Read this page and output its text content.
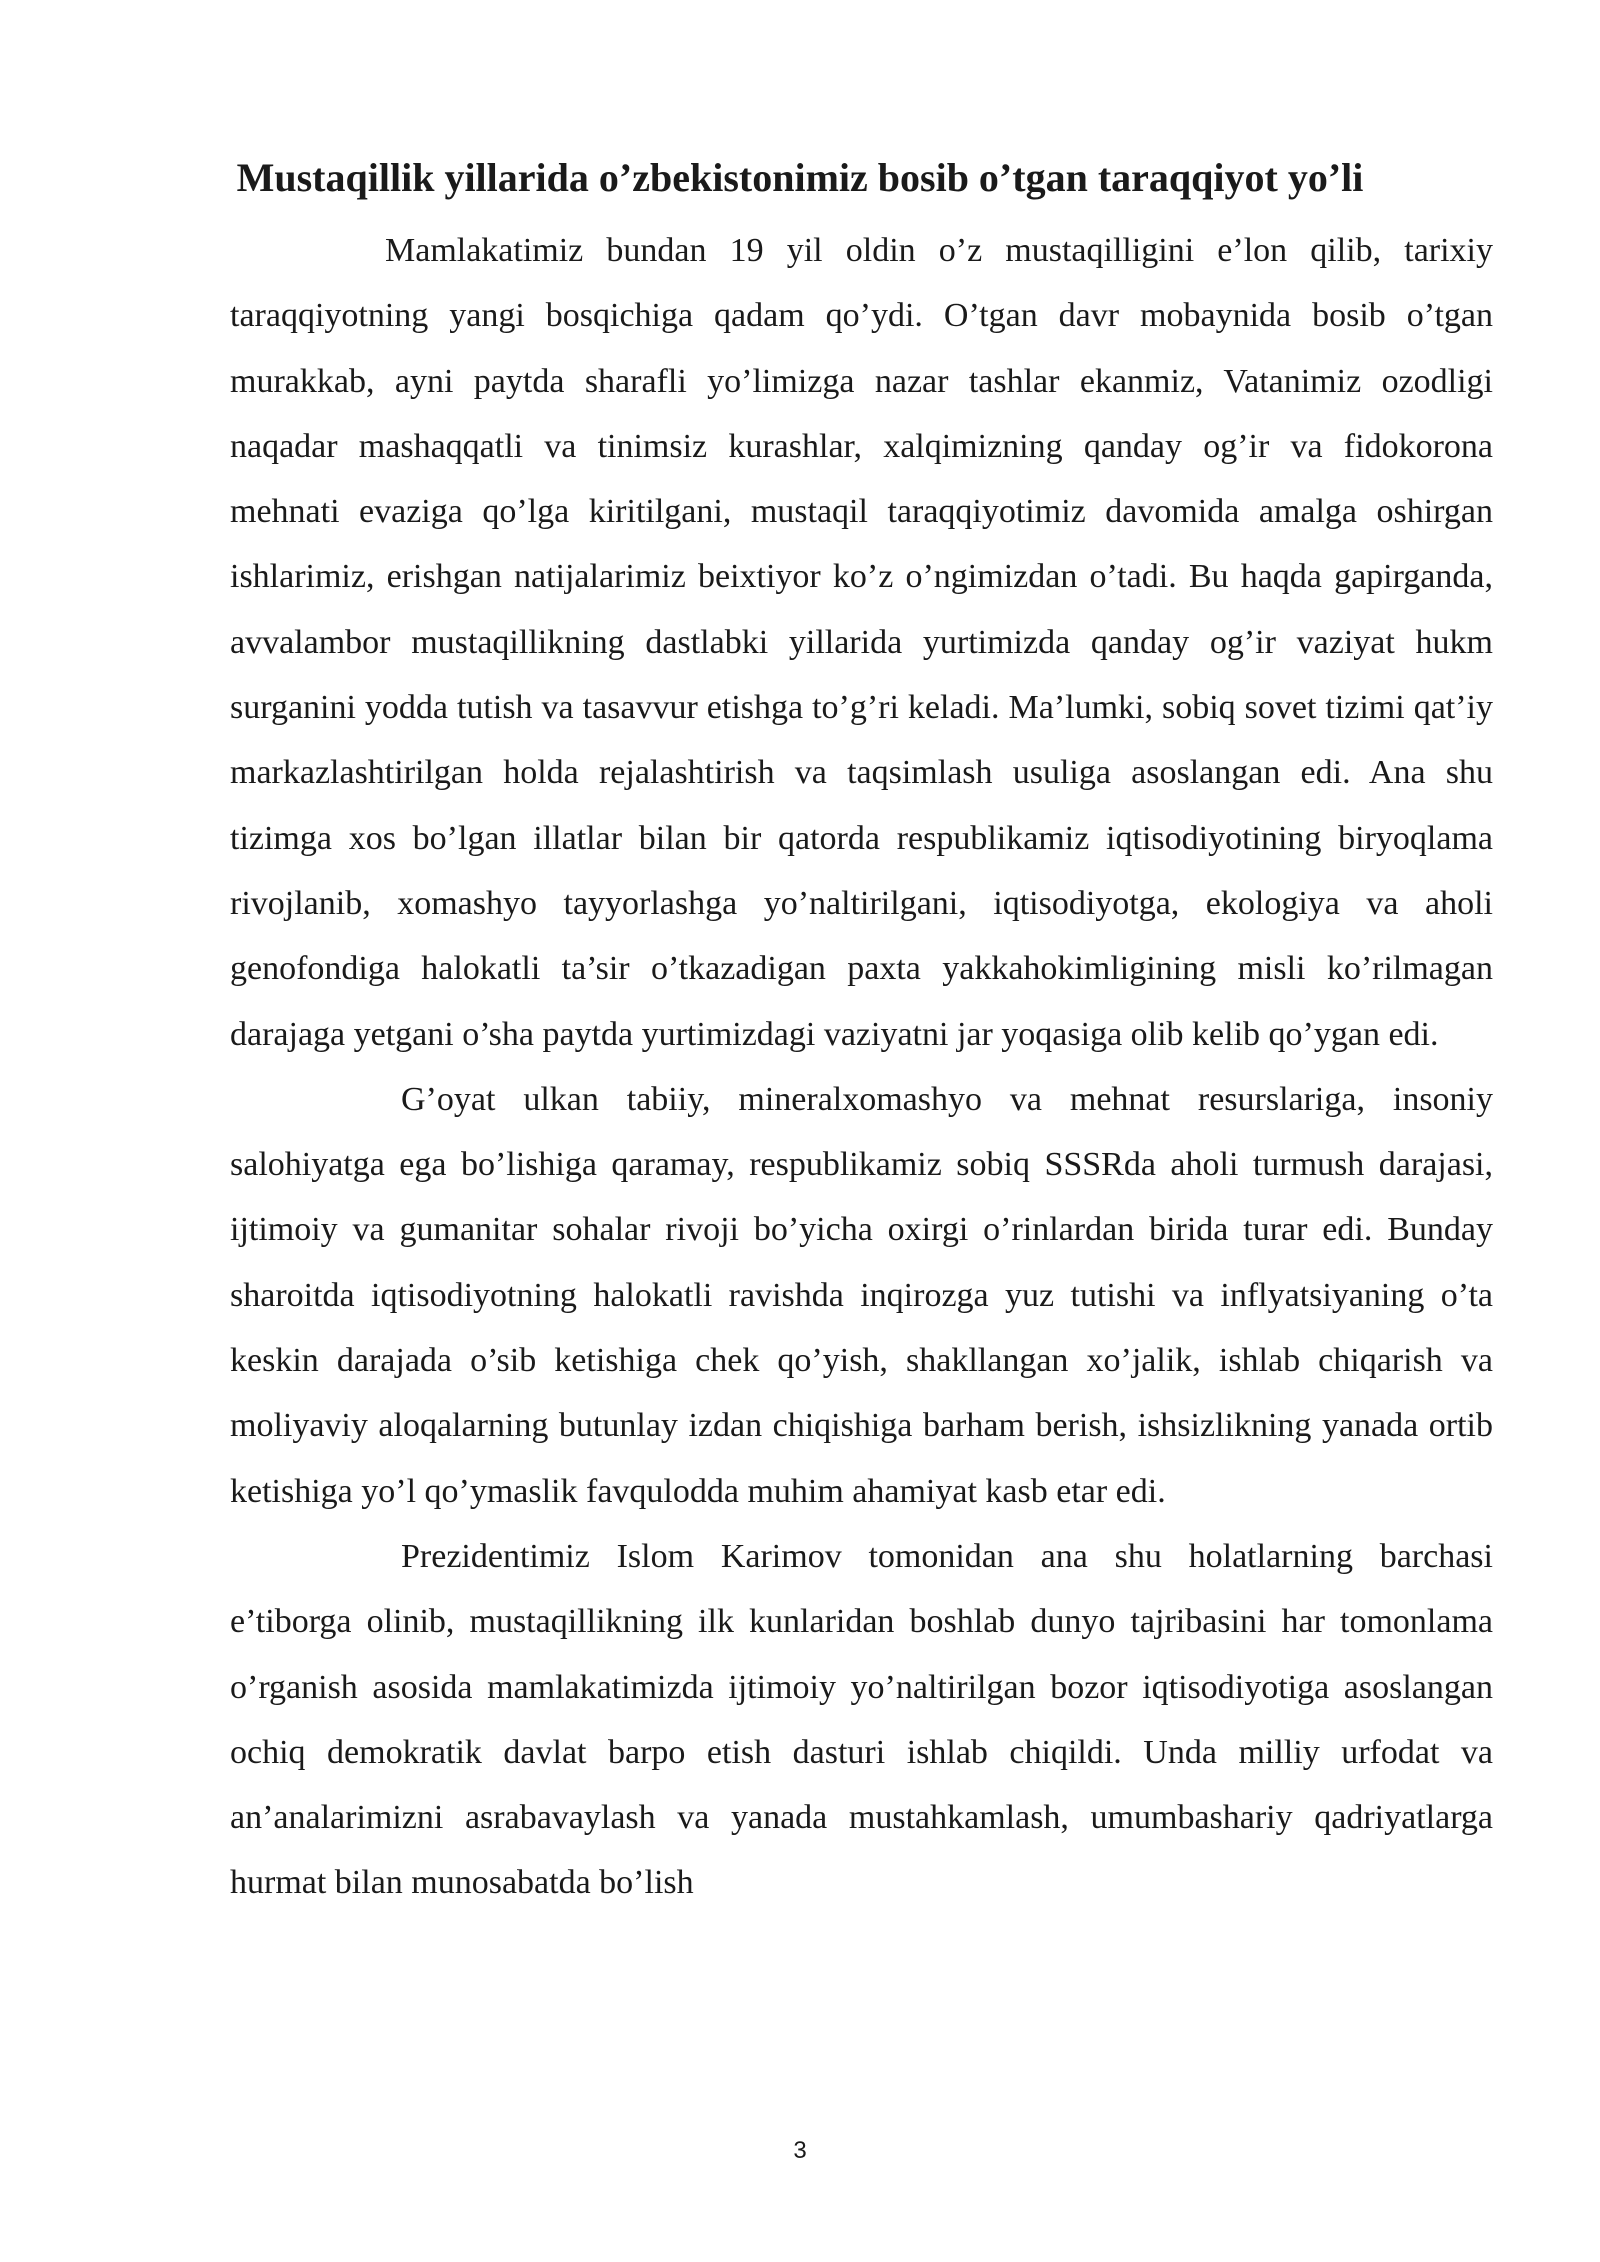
Mustaqillik yillarida o’zbekistonimiz bosib o’tgan taraqqiyot yo’li

Mamlakatimiz bundan 19 yil oldin o’z mustaqilligini e’lon qilib, tarixiy taraqqiyotning yangi bosqichiga qadam qo’ydi. O’tgan davr mobaynida bosib o’tgan murakkab, ayni paytda sharafli yo’limizga nazar tashlar ekanmiz, Vatanimiz ozodligi naqadar mashaqqatli va tinimsiz kurashlar, xalqimizning qanday og’ir va fidokorona mehnati evaziga qo’lga kiritilgani, mustaqil taraqqiyotimiz davomida amalga oshirgan ishlarimiz, erishgan natijalarimiz beixtiyor ko’z o’ngimizdan o’tadi. Bu haqda gapirganda, avvalambor mustaqillikning dastlabki yillarida yurtimizda qanday og’ir vaziyat hukm surganini yodda tutish va tasavvur etishga to’g’ri keladi. Ma’lumki, sobiq sovet tizimi qat’iy markazlashtirilgan holda rejalashtirish va taqsimlash usuliga asoslangan edi. Ana shu tizimga xos bo’lgan illatlar bilan bir qatorda respublikamiz iqtisodiyotining biryoqlama rivojlanib, xomashyo tayyorlashga yo’naltirilgani, iqtisodiyotga, ekologiya va aholi genofondiga halokatli ta’sir o’tkazadigan paxta yakkahokimligining misli ko’rilmagan darajaga yetgani o’sha paytda yurtimizdagi vaziyatni jar yoqasiga olib kelib qo’ygan edi.

G’oyat ulkan tabiiy, mineralxomashyo va mehnat resurslariga, insoniy salohiyatga ega bo’lishiga qaramay, respublikamiz sobiq SSSRda aholi turmush darajasi, ijtimoiy va gumanitar sohalar rivoji bo’yicha oxirgi o’rinlardan birida turar edi. Bunday sharoitda iqtisodiyotning halokatli ravishda inqirozga yuz tutishi va inflyatsiyaning o’ta keskin darajada o’sib ketishiga chek qo’yish, shakllangan xo’jalik, ishlab chiqarish va moliyaviy aloqalarning butunlay izdan chiqishiga barham berish, ishsizlikning yanada ortib ketishiga yo’l qo’ymaslik favqulodda muhim ahamiyat kasb etar edi.

Prezidentimiz Islom Karimov tomonidan ana shu holatlarning barchasi e’tiborga olinib, mustaqillikning ilk kunlaridan boshlab dunyo tajribasini har tomonlama o’rganish asosida mamlakatimizda ijtimoiy yo’naltirilgan bozor iqtisodiyotiga asoslangan ochiq demokratik davlat barpo etish dasturi ishlab chiqildi. Unda milliy urfodat va an’analarimizni asrabavaylash va yanada mustahkamlash, umumbashariy qadriyatlarga hurmat bilan munosabatda bo’lish

3
